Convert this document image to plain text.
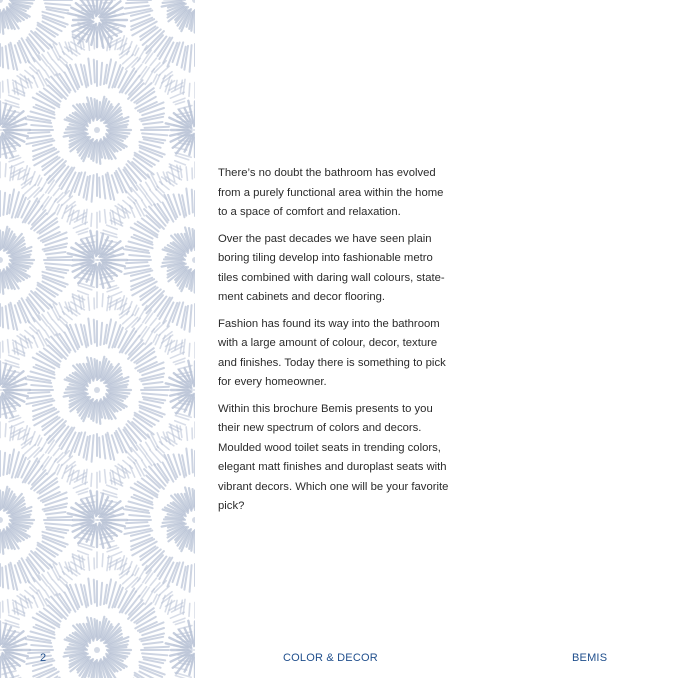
There’s no doubt the bathroom has evolved
from a purely functional area within the home
to a space of comfort and relaxation.

Over the past decades we have seen plain
boring tiling develop into fashionable metro
tiles combined with daring wall colours, state-
ment cabinets and decor flooring.

Fashion has found its way into the bathroom
with a large amount of colour, decor, texture
and finishes. Today there is something to pick
for every homeowner.

Within this brochure Bemis presents to you
their new spectrum of colors and decors.
Moulded wood toilet seats in trending colors,
elegant matt finishes and duroplast seats with
vibrant decors. Which one will be your favorite
pick?

2	COLOR & DECOR	BEMIS
